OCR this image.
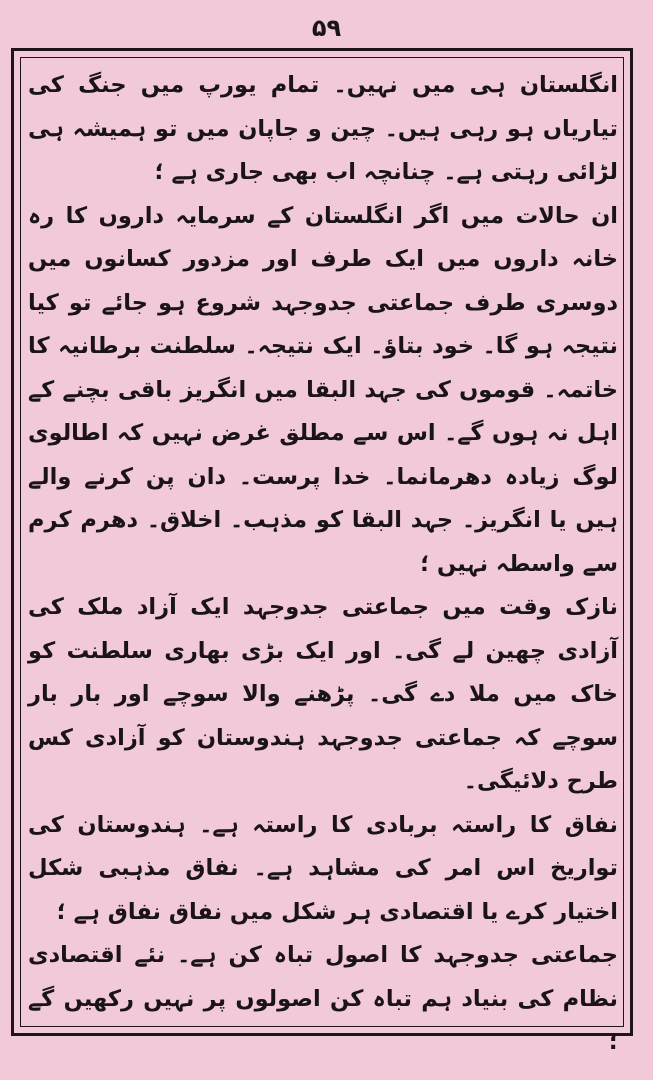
۵۹

انگلستان ہی میں نہیں۔ تمام یورپ میں جنگ کی تیاریاں ہو رہی ہیں۔ چین و جاپان میں تو ہمیشہ ہی لڑائی رہتی ہے۔ چنانچہ اب بھی جاری ہے ؛

ان حالات میں اگر انگلستان کے سرمایہ داروں کا رہ خانہ داروں میں ایک طرف اور مزدور کسانوں میں دوسری طرف جماعتی جدوجہد شروع ہو جائے تو کیا نتیجہ ہو گا۔ خود بتاؤ۔ ایک نتیجہ۔ سلطنت برطانیہ کا خاتمہ۔ قوموں کی جہد البقا میں انگریز باقی بچنے کے اہل نہ ہوں گے۔ اس سے مطلق غرض نہیں کہ اطالوی لوگ زیادہ دھرمانما۔ خدا پرست۔ دان پن کرنے والے ہیں یا انگریز۔ جہد البقا کو مذہب۔ اخلاق۔ دھرم کرم سے واسطہ نہیں ؛

نازک وقت میں جماعتی جدوجہد ایک آزاد ملک کی آزادی چھین لے گی۔ اور ایک بڑی بھاری سلطنت کو خاک میں ملا دے گی۔ پڑھنے والا سوچے اور بار بار سوچے کہ جماعتی جدوجہد ہندوستان کو آزادی کس طرح دلائیگی۔

نفاق کا راستہ بربادی کا راستہ ہے۔ ہندوستان کی تواریخ اس امر کی مشاہد ہے۔ نفاق مذہبی شکل اختیار کرے یا اقتصادی ہر شکل میں نفاق نفاق ہے ؛

جماعتی جدوجہد کا اصول تباہ کن ہے۔ نئے اقتصادی نظام کی بنیاد ہم تباہ کن اصولوں پر نہیں رکھیں گے ؛
